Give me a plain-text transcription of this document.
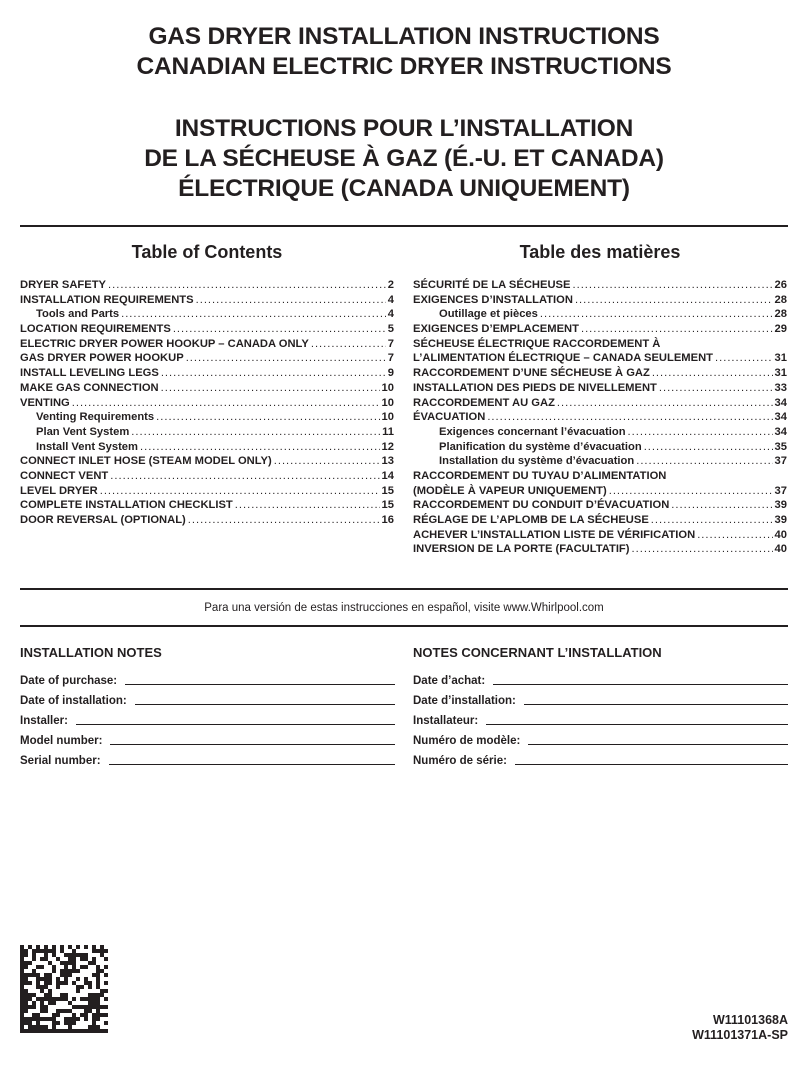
GAS DRYER INSTALLATION INSTRUCTIONS
CANADIAN ELECTRIC DRYER INSTRUCTIONS
INSTRUCTIONS POUR L’INSTALLATION
DE LA SÉCHEUSE À GAZ (É.-U. ET CANADA)
ÉLECTRIQUE (CANADA UNIQUEMENT)
Table of Contents	Table des matières
DRYER SAFETY .....	2
INSTALLATION REQUIREMENTS .....	4
Tools and Parts .....	4
LOCATION REQUIREMENTS .....	5
ELECTRIC DRYER POWER HOOKUP – CANADA ONLY .....	7
GAS DRYER POWER HOOKUP .....	7
INSTALL LEVELING LEGS .....	9
MAKE GAS CONNECTION .....	10
VENTING .....	10
Venting Requirements .....	10
Plan Vent System .....	11
Install Vent System .....	12
CONNECT INLET HOSE (STEAM MODEL ONLY) .....	13
CONNECT VENT .....	14
LEVEL DRYER .....	15
COMPLETE INSTALLATION CHECKLIST .....	15
DOOR REVERSAL (OPTIONAL) .....	16
SÉCURITÉ DE LA SÉCHEUSE .....	26
EXIGENCES D’INSTALLATION .....	28
Outillage et pièces .....	28
EXIGENCES D’EMPLACEMENT .....	29
SÉCHEUSE ÉLECTRIQUE RACCORDEMENT À
L’ALIMENTATION ÉLECTRIQUE – CANADA SEULEMENT .....	31
RACCORDEMENT D’UNE SÉCHEUSE À GAZ .....	31
INSTALLATION DES PIEDS DE NIVELLEMENT .....	33
RACCORDEMENT AU GAZ .....	34
ÉVACUATION .....	34
Exigences concernant l’évacuation .....	34
Planification du système d’évacuation .....	35
Installation du système d’évacuation .....	37
RACCORDEMENT DU TUYAU D’ALIMENTATION
(MODÈLE À VAPEUR UNIQUEMENT) .....	37
RACCORDEMENT DU CONDUIT D’ÉVACUATION .....	39
RÉGLAGE DE L’APLOMB DE LA SÉCHEUSE .....	39
ACHEVER L’INSTALLATION LISTE DE VÉRIFICATION .....	40
INVERSION DE LA PORTE (FACULTATIF) .....	40
Para una versión de estas instrucciones en español, visite www.Whirlpool.com
INSTALLATION NOTES	NOTES CONCERNANT L’INSTALLATION
Date of purchase:
Date of installation:
Installer:
Model number:
Serial number:
Date d’achat:
Date d’installation:
Installateur:
Numéro de modèle:
Numéro de série:
W11101368A
W11101371A-SP
